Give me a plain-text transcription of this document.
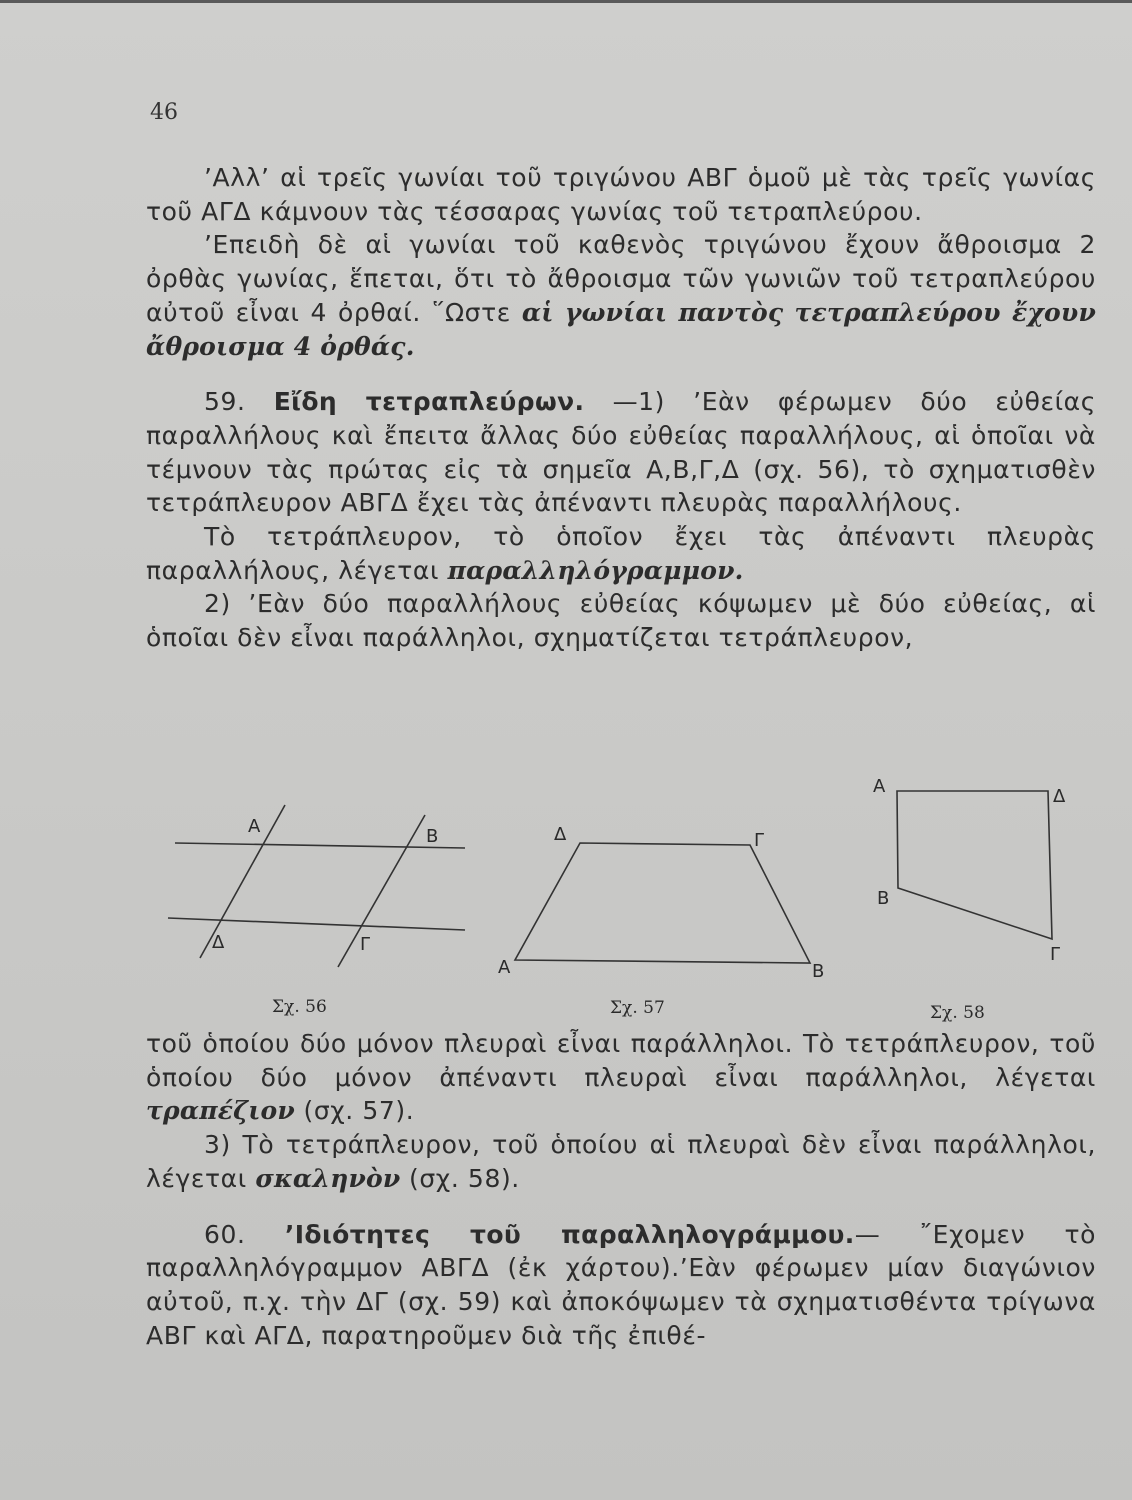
46

’Αλλ’ αἱ τρεῖς γωνίαι τοῦ τριγώνου ΑΒΓ ὁμοῦ μὲ τὰς τρεῖς γωνίας τοῦ ΑΓΔ κάμνουν τὰς τέσσαρας γωνίας τοῦ τετραπλεύρου.

’Επειδὴ δὲ αἱ γωνίαι τοῦ καθενὸς τριγώνου ἔχουν ἄθροισμα 2 ὀρθὰς γωνίας, ἕπεται, ὅτι τὸ ἄθροισμα τῶν γωνιῶν τοῦ τετραπλεύρου αὐτοῦ εἶναι 4 ὀρθαί. ῞Ωστε αἱ γωνίαι παντὸς τετραπλεύρου ἔχουν ἄθροισμα 4 ὀρθάς.

59. Εἴδη τετραπλεύρων. —1) ’Εὰν φέρωμεν δύο εὐθείας παραλλήλους καὶ ἔπειτα ἄλλας δύο εὐθείας παραλλήλους, αἱ ὁποῖαι νὰ τέμνουν τὰς πρώτας εἰς τὰ σημεῖα Α,Β,Γ,Δ (σχ. 56), τὸ σχηματισθὲν τετράπλευρον ΑΒΓΔ ἔχει τὰς ἀπέναντι πλευρὰς παραλλήλους.

Τὸ τετράπλευρον, τὸ ὁποῖον ἔχει τὰς ἀπέναντι πλευρὰς παραλλήλους, λέγεται παραλληλόγραμμον.

2) ’Εὰν δύο παραλλήλους εὐθείας κόψωμεν μὲ δύο εὐθείας, αἱ ὁποῖαι δὲν εἶναι παράλληλοι, σχηματίζεται τετράπλευρον,

Α	Β
Δ	Γ
Σχ. 56
Δ	Γ
Α	Β
Σχ. 57
Α	Δ
Β
Γ
Σχ. 58

τοῦ ὁποίου δύο μόνον πλευραὶ εἶναι παράλληλοι. Τὸ τετράπλευρον, τοῦ ὁποίου δύο μόνον ἀπέναντι πλευραὶ εἶναι παράλληλοι, λέγεται τραπέζιον (σχ. 57).

3) Τὸ τετράπλευρον, τοῦ ὁποίου αἱ πλευραὶ δὲν εἶναι παράλληλοι, λέγεται σκαληνὸν (σχ. 58).

60. ’Ιδιότητες τοῦ παραλληλογράμμου.— ῎Εχομεν τὸ παραλληλόγραμμον ΑΒΓΔ (ἐκ χάρτου).’Εὰν φέρωμεν μίαν διαγώνιον αὐτοῦ, π.χ. τὴν ΔΓ (σχ. 59) καὶ ἀποκόψωμεν τὰ σχηματισθέντα τρίγωνα ΑΒΓ καὶ ΑΓΔ, παρατηροῦμεν διὰ τῆς ἐπιθέ-
